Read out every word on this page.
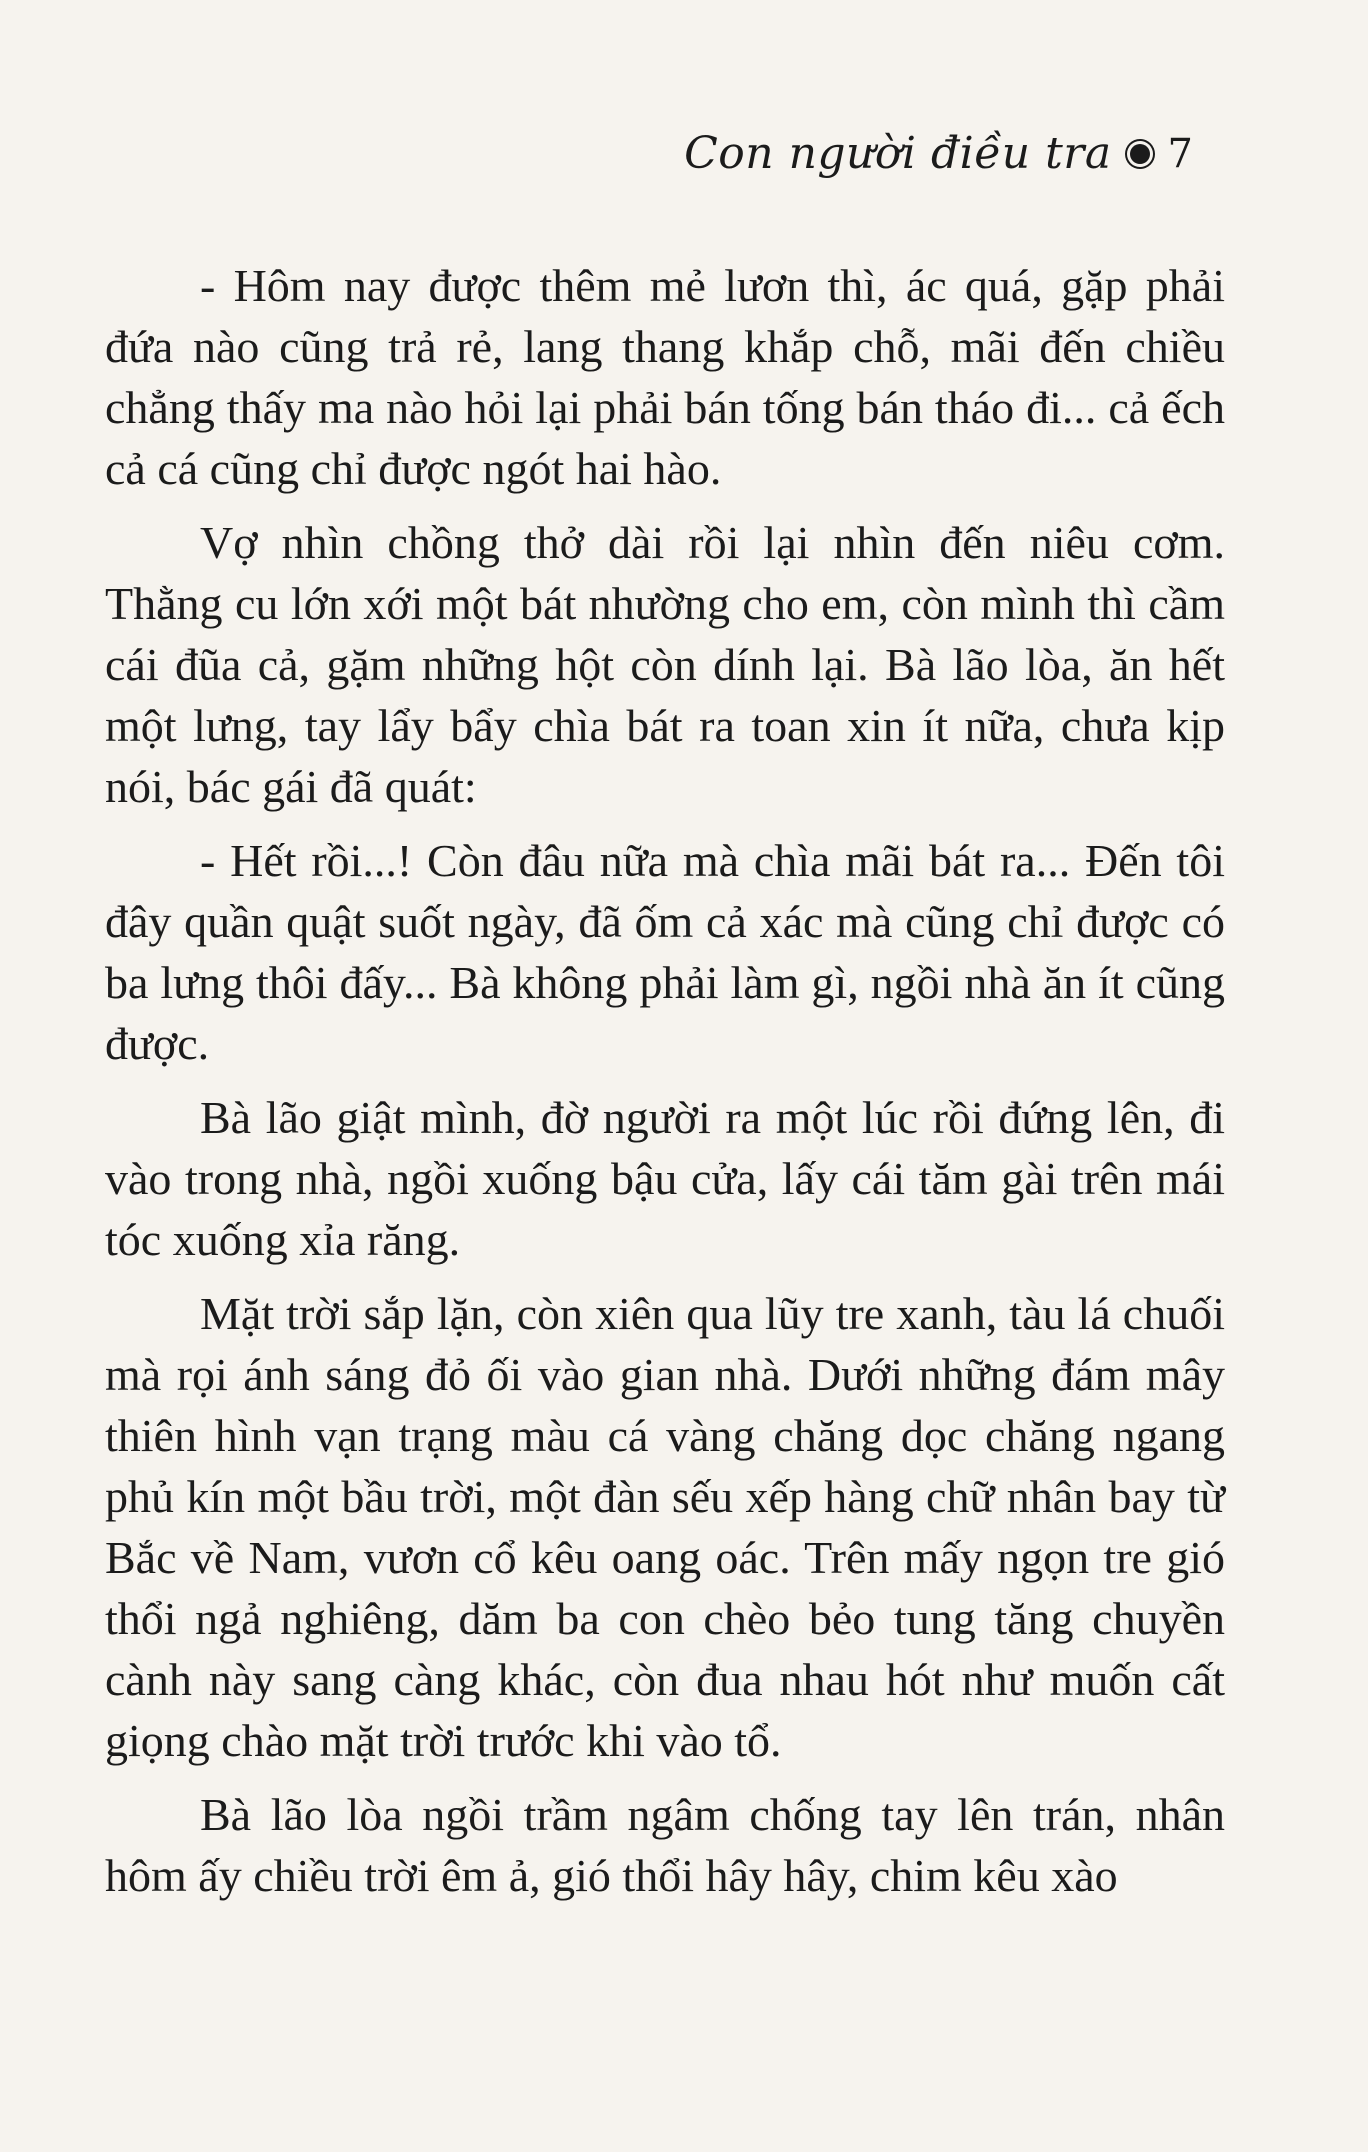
Con người điều tra 7

- Hôm nay được thêm mẻ lươn thì, ác quá, gặp phải đứa nào cũng trả rẻ, lang thang khắp chỗ, mãi đến chiều chẳng thấy ma nào hỏi lại phải bán tống bán tháo đi... cả ếch cả cá cũng chỉ được ngót hai hào.

Vợ nhìn chồng thở dài rồi lại nhìn đến niêu cơm. Thằng cu lớn xới một bát nhường cho em, còn mình thì cầm cái đũa cả, gặm những hột còn dính lại. Bà lão lòa, ăn hết một lưng, tay lẩy bẩy chìa bát ra toan xin ít nữa, chưa kịp nói, bác gái đã quát:

- Hết rồi...! Còn đâu nữa mà chìa mãi bát ra... Đến tôi đây quần quật suốt ngày, đã ốm cả xác mà cũng chỉ được có ba lưng thôi đấy... Bà không phải làm gì, ngồi nhà ăn ít cũng được.

Bà lão giật mình, đờ người ra một lúc rồi đứng lên, đi vào trong nhà, ngồi xuống bậu cửa, lấy cái tăm gài trên mái tóc xuống xỉa răng.

Mặt trời sắp lặn, còn xiên qua lũy tre xanh, tàu lá chuối mà rọi ánh sáng đỏ ối vào gian nhà. Dưới những đám mây thiên hình vạn trạng màu cá vàng chăng dọc chăng ngang phủ kín một bầu trời, một đàn sếu xếp hàng chữ nhân bay từ Bắc về Nam, vươn cổ kêu oang oác. Trên mấy ngọn tre gió thổi ngả nghiêng, dăm ba con chèo bẻo tung tăng chuyền cành này sang càng khác, còn đua nhau hót như muốn cất giọng chào mặt trời trước khi vào tổ.

Bà lão lòa ngồi trầm ngâm chống tay lên trán, nhân hôm ấy chiều trời êm ả, gió thổi hây hây, chim kêu xào
